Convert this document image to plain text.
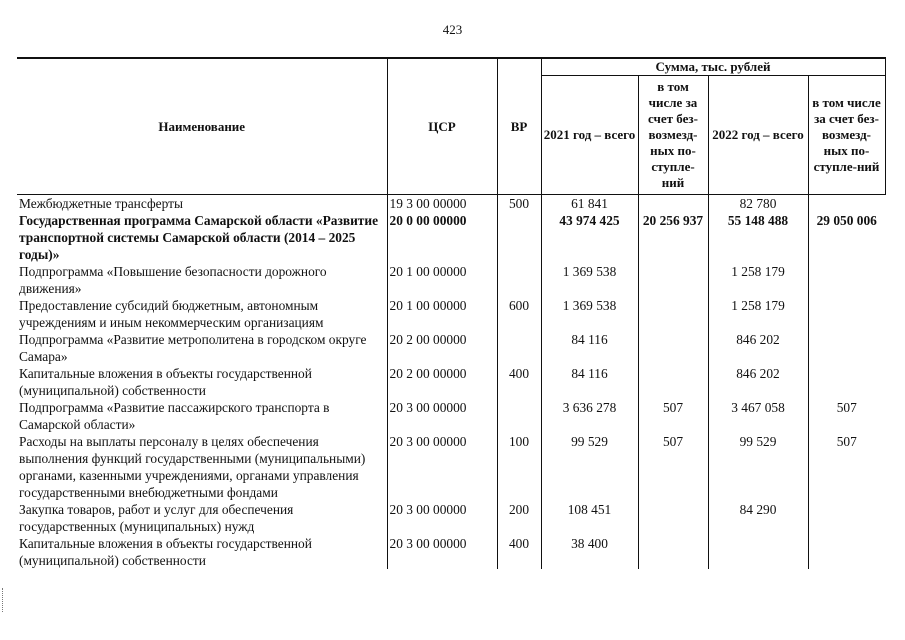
423
Наименование	ЦСР	ВР	Сумма, тыс. рублей			
			2021 год – всего	в том числе за счет без-возмезд-ных по-ступле-ний	2022 год – всего	в том числе за счет без-возмезд-ных по-ступле-ний
Межбюджетные трансферты	19 3 00 00000	500	61 841		82 780	
Государственная программа Самарской области «Развитие транспортной системы Самарской области (2014 – 2025 годы)»	20 0 00 00000		43 974 425	20 256 937	55 148 488	29 050 006
Подпрограмма «Повышение безопасности дорожного движения»	20 1 00 00000		1 369 538		1 258 179	
Предоставление субсидий бюджетным, автономным учреждениям и иным некоммерческим организациям	20 1 00 00000	600	1 369 538		1 258 179	
Подпрограмма «Развитие метрополитена в городском округе Самара»	20 2 00 00000		84 116		846 202	
Капитальные вложения в объекты государственной (муниципальной) собственности	20 2 00 00000	400	84 116		846 202	
Подпрограмма «Развитие пассажирского транспорта в Самарской области»	20 3 00 00000		3 636 278	507	3 467 058	507
Расходы на выплаты персоналу в целях обеспечения выполнения функций государственными (муниципальными) органами, казенными учреждениями, органами управления государственными внебюджетными фондами	20 3 00 00000	100	99 529	507	99 529	507
Закупка товаров, работ и услуг для обеспечения государственных (муниципальных) нужд	20 3 00 00000	200	108 451		84 290	
Капитальные вложения в объекты государственной (муниципальной) собственности	20 3 00 00000	400	38 400			
